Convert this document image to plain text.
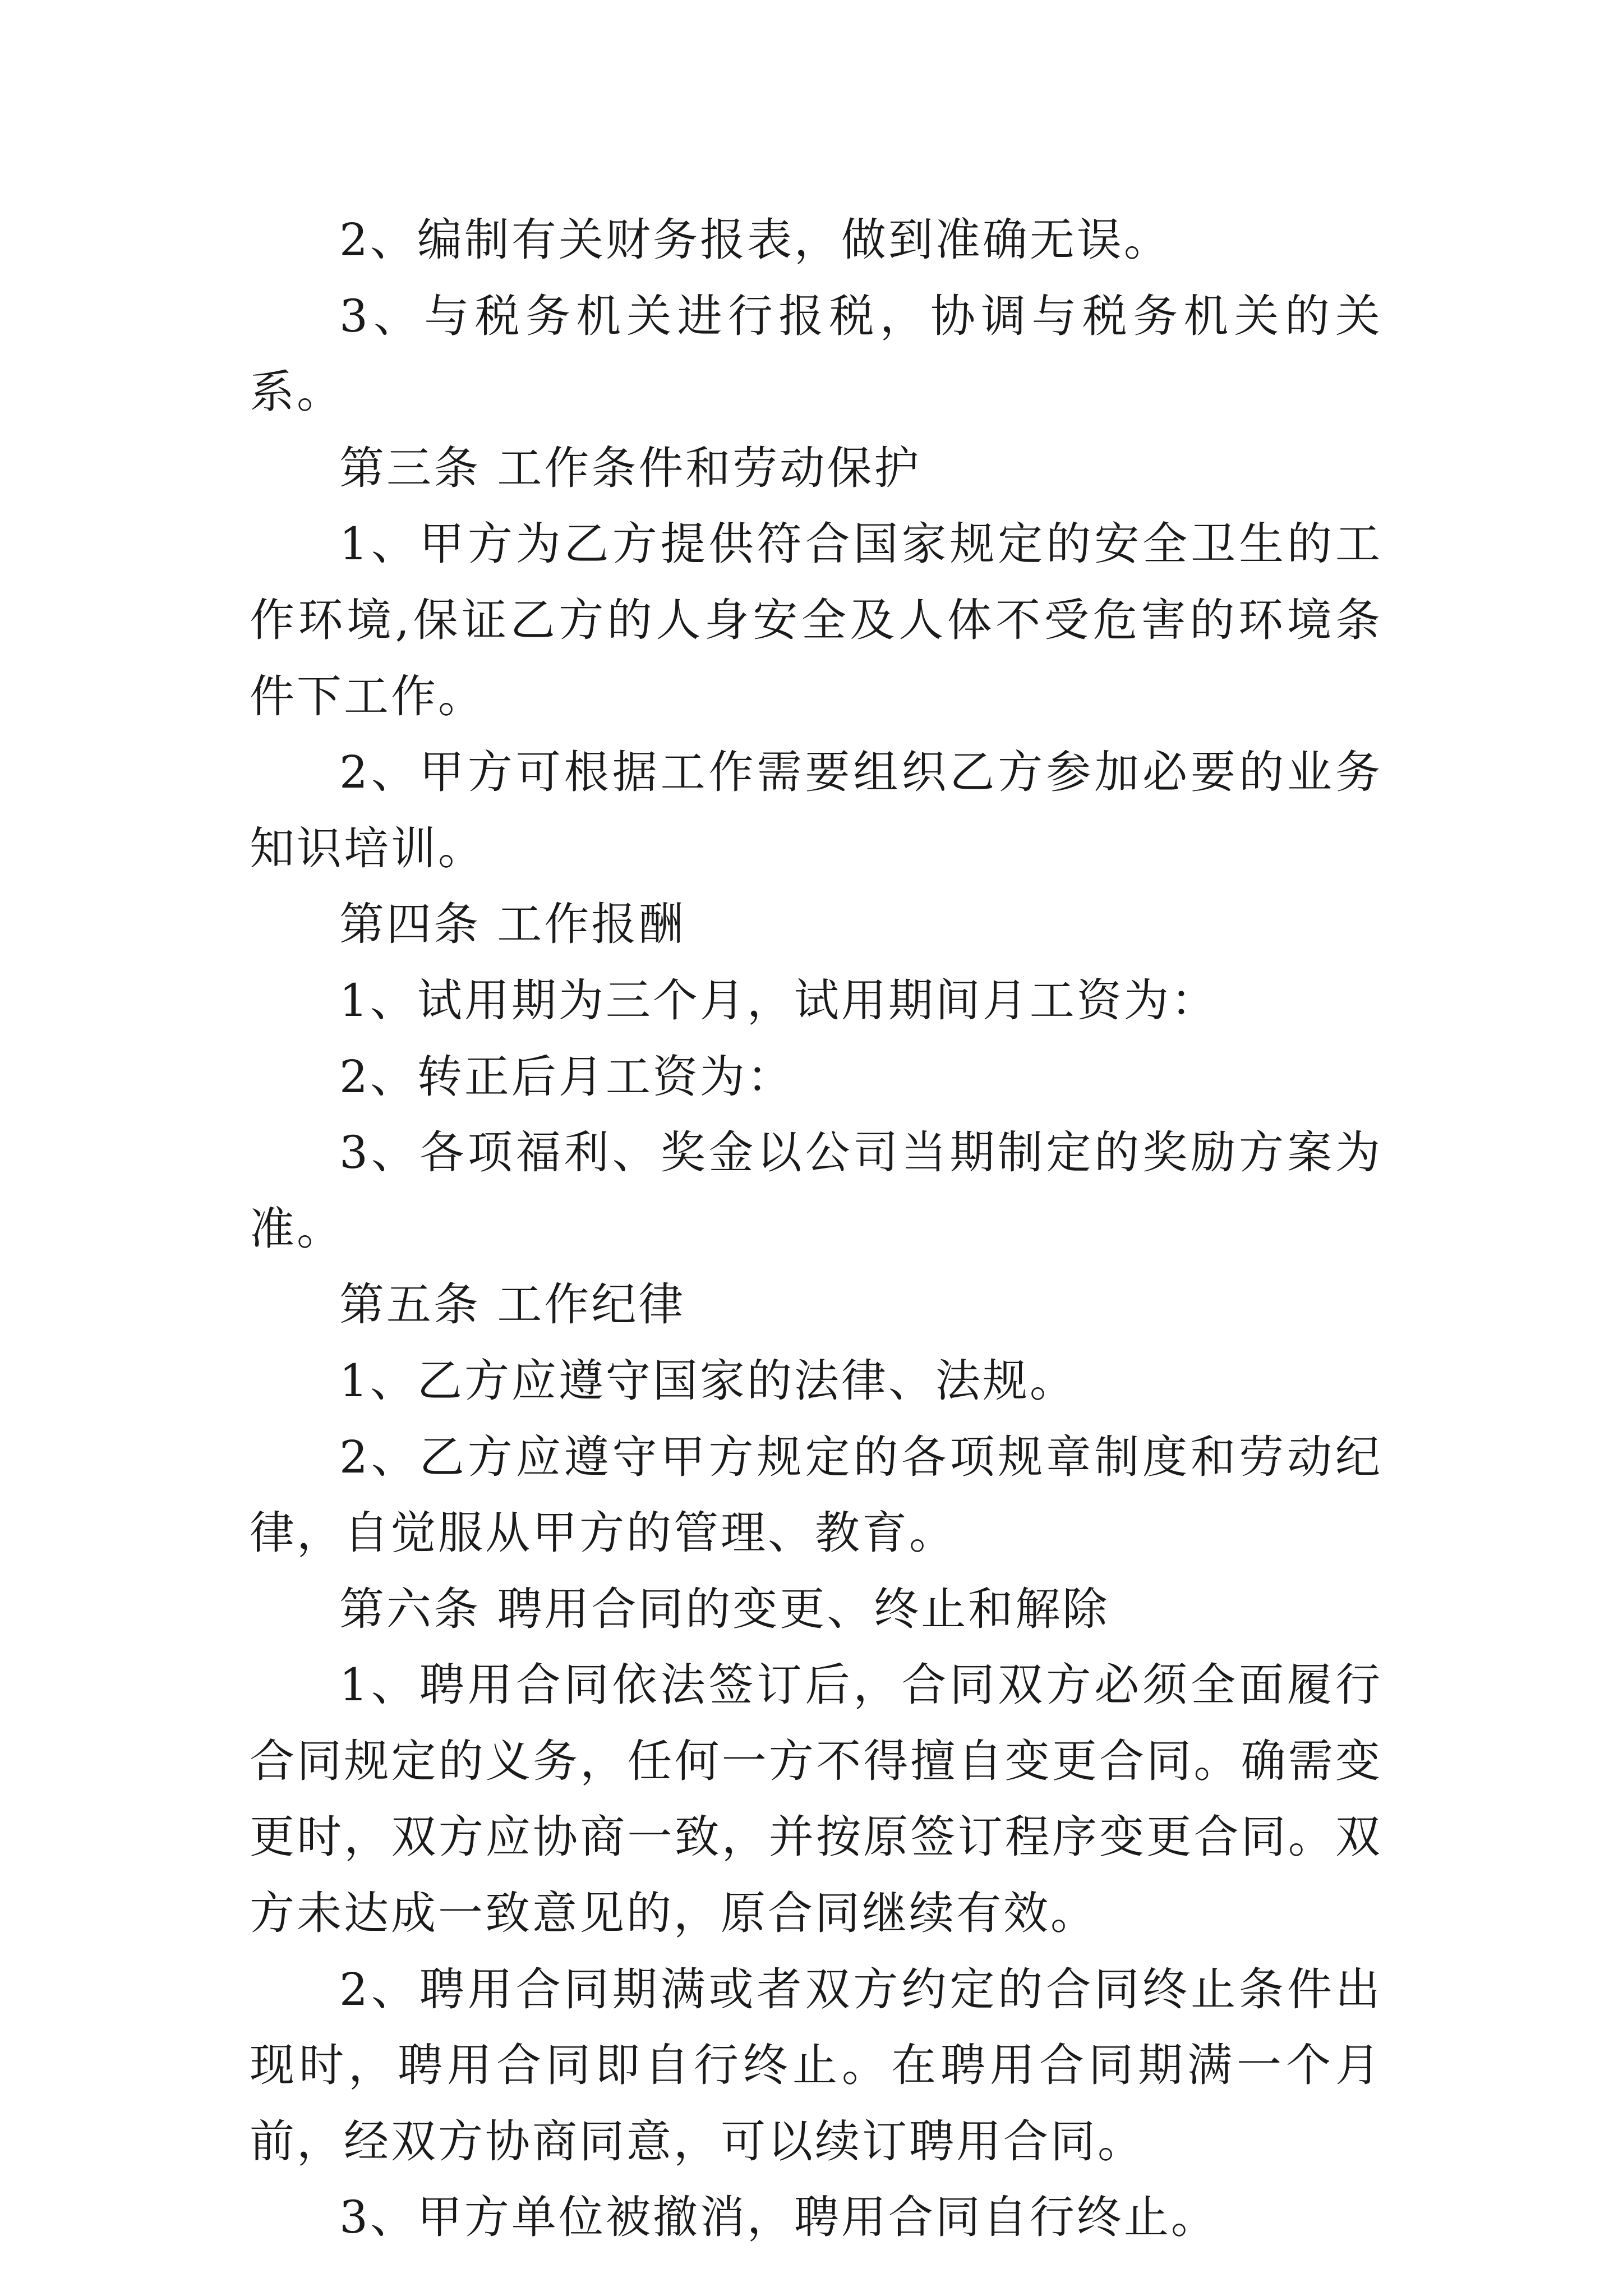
2、编制有关财务报表，做到准确无误。

3、与税务机关进行报税，协调与税务机关的关系。

第三条 工作条件和劳动保护

1、甲方为乙方提供符合国家规定的安全卫生的工作环境,保证乙方的人身安全及人体不受危害的环境条件下工作。

2、甲方可根据工作需要组织乙方参加必要的业务知识培训。

第四条 工作报酬

1、试用期为三个月，试用期间月工资为：

2、转正后月工资为：

3、各项福利、奖金以公司当期制定的奖励方案为准。

第五条 工作纪律

1、乙方应遵守国家的法律、法规。

2、乙方应遵守甲方规定的各项规章制度和劳动纪律，自觉服从甲方的管理、教育。

第六条 聘用合同的变更、终止和解除

1、聘用合同依法签订后，合同双方必须全面履行合同规定的义务，任何一方不得擅自变更合同。确需变更时，双方应协商一致，并按原签订程序变更合同。双方未达成一致意见的，原合同继续有效。

2、聘用合同期满或者双方约定的合同终止条件出现时，聘用合同即自行终止。在聘用合同期满一个月前，经双方协商同意，可以续订聘用合同。

3、甲方单位被撤消，聘用合同自行终止。
